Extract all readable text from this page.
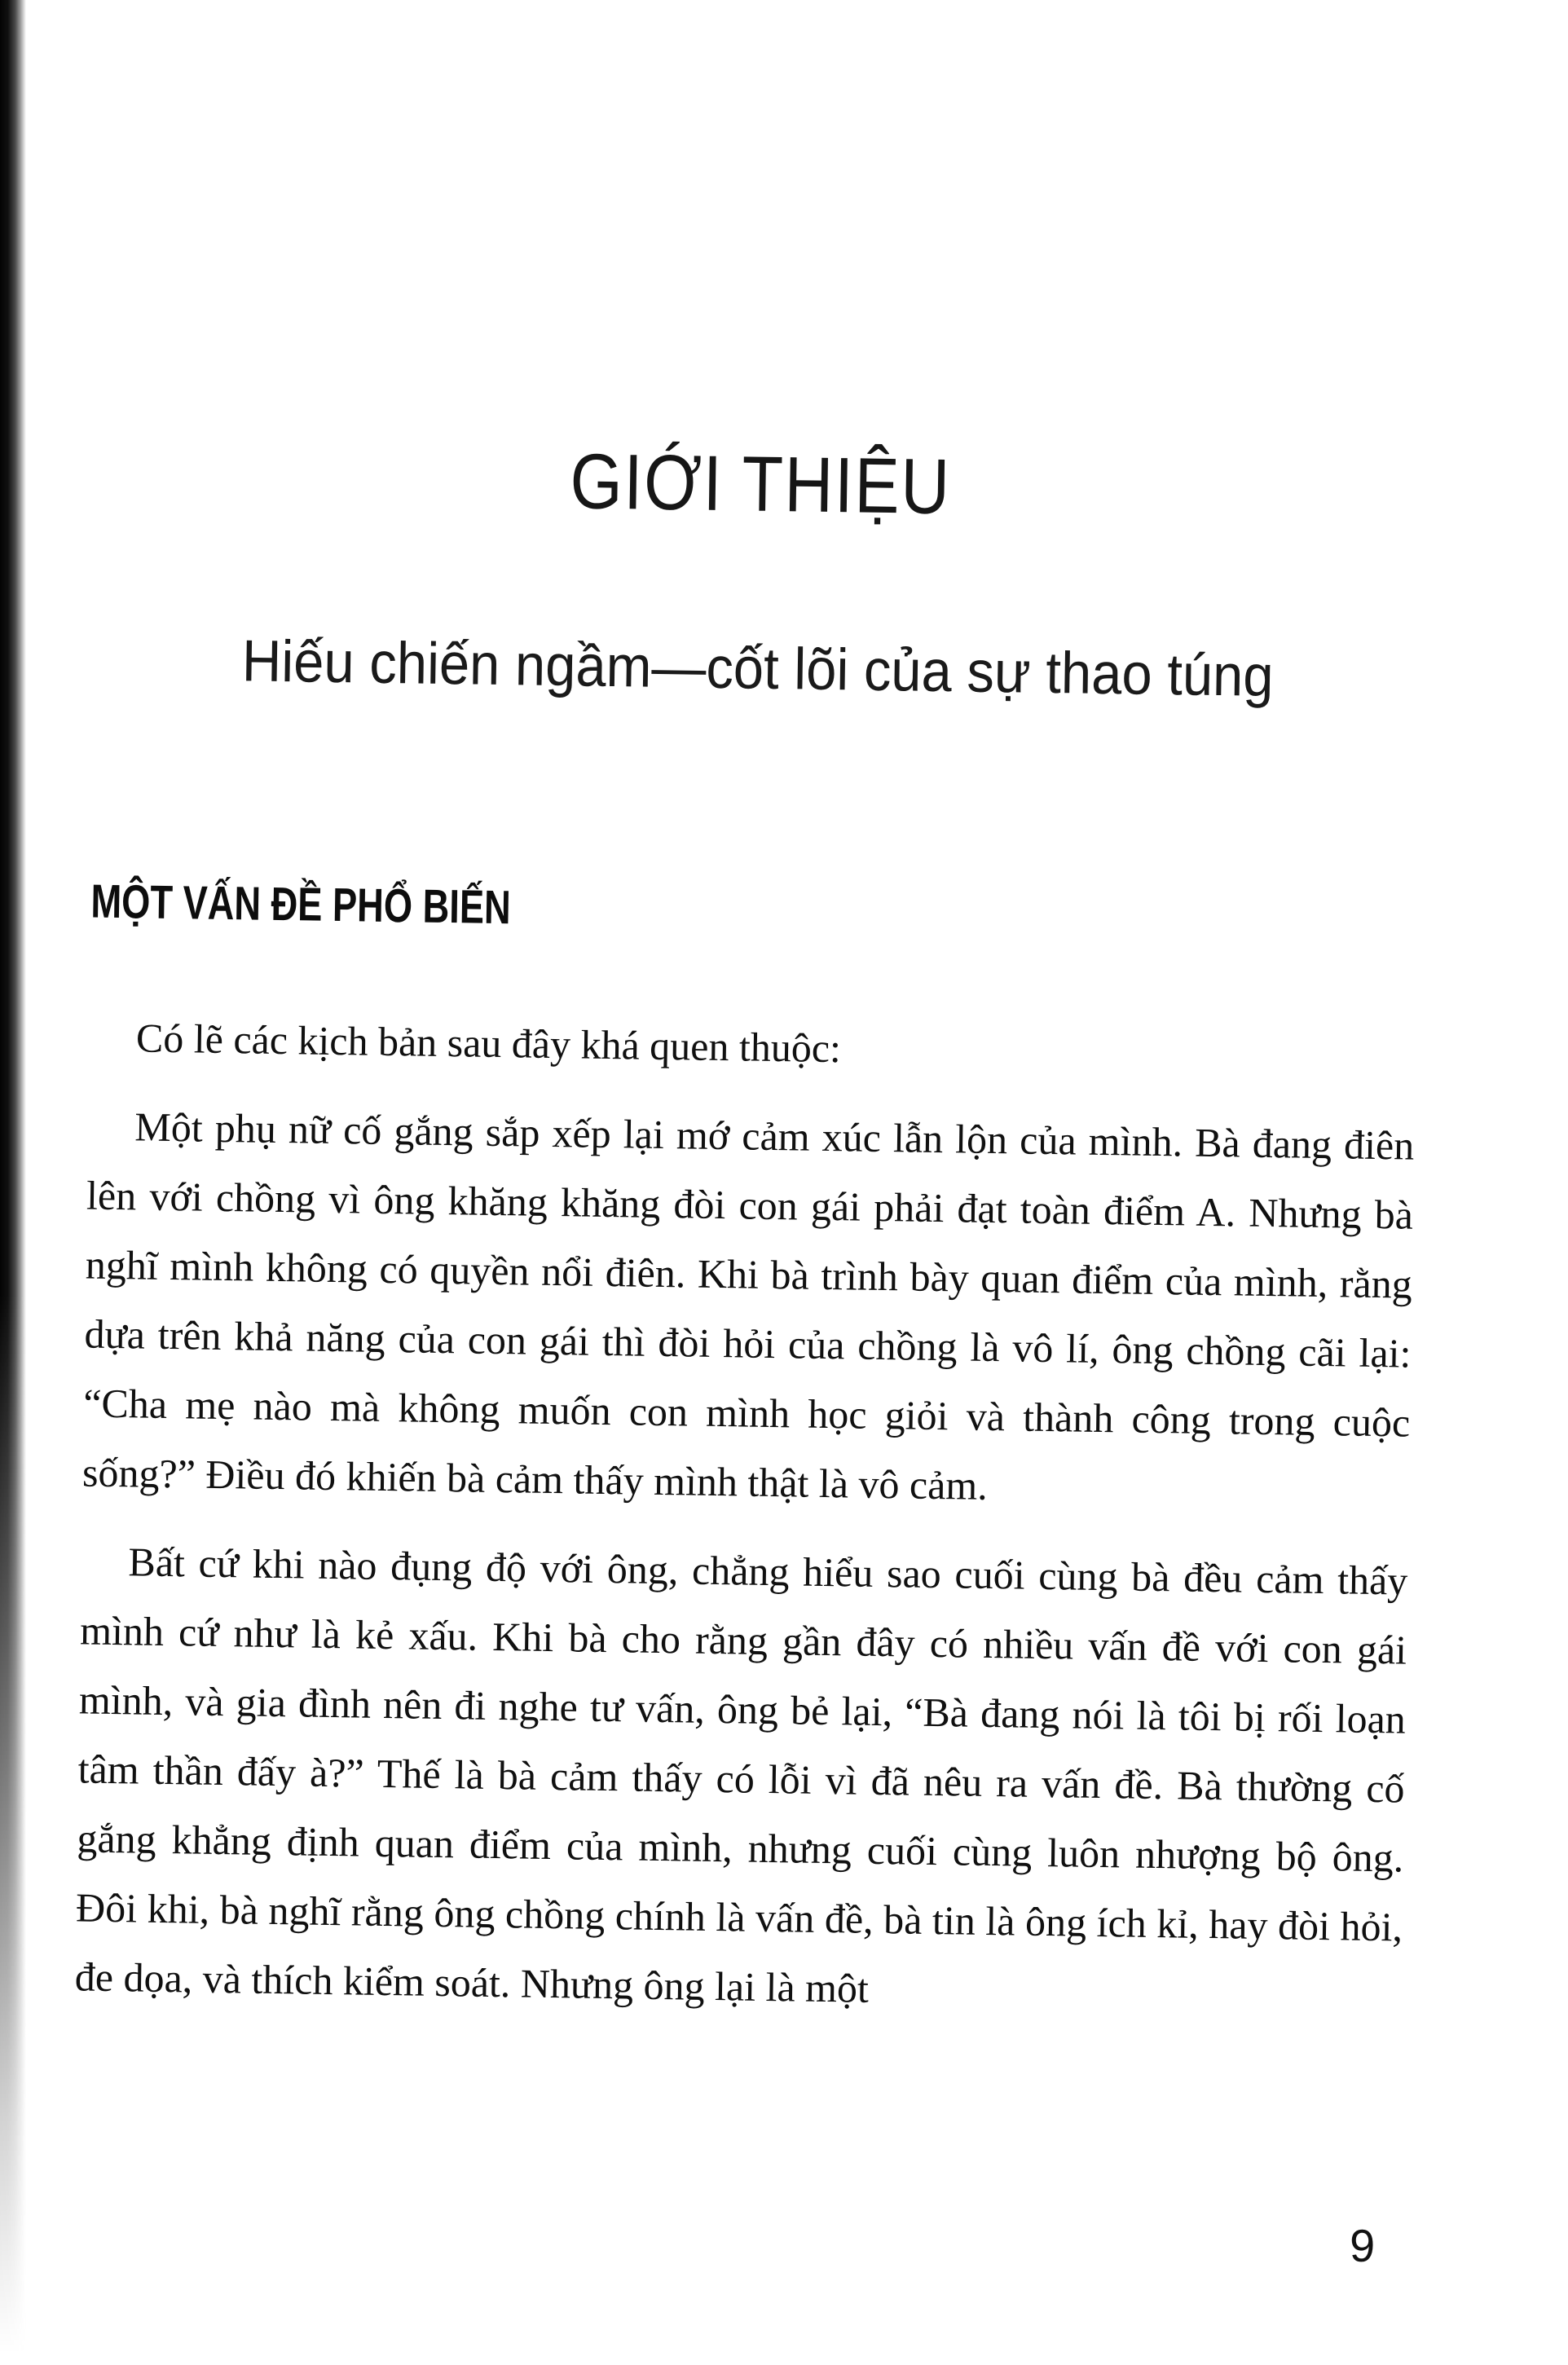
GIỚI THIỆU
Hiếu chiến ngầm—cốt lõi của sự thao túng
MỘT VẤN ĐỀ PHỔ BIẾN

Có lẽ các kịch bản sau đây khá quen thuộc:

Một phụ nữ cố gắng sắp xếp lại mớ cảm xúc lẫn lộn của mình. Bà đang điên lên với chồng vì ông khăng khăng đòi con gái phải đạt toàn điểm A. Nhưng bà nghĩ mình không có quyền nổi điên. Khi bà trình bày quan điểm của mình, rằng dựa trên khả năng của con gái thì đòi hỏi của chồng là vô lí, ông chồng cãi lại: “Cha mẹ nào mà không muốn con mình học giỏi và thành công trong cuộc sống?” Điều đó khiến bà cảm thấy mình thật là vô cảm.

Bất cứ khi nào đụng độ với ông, chẳng hiểu sao cuối cùng bà đều cảm thấy mình cứ như là kẻ xấu. Khi bà cho rằng gần đây có nhiều vấn đề với con gái mình, và gia đình nên đi nghe tư vấn, ông bẻ lại, “Bà đang nói là tôi bị rối loạn tâm thần đấy à?” Thế là bà cảm thấy có lỗi vì đã nêu ra vấn đề. Bà thường cố gắng khẳng định quan điểm của mình, nhưng cuối cùng luôn nhượng bộ ông. Đôi khi, bà nghĩ rằng ông chồng chính là vấn đề, bà tin là ông ích kỉ, hay đòi hỏi, đe dọa, và thích kiểm soát. Nhưng ông lại là một

9
